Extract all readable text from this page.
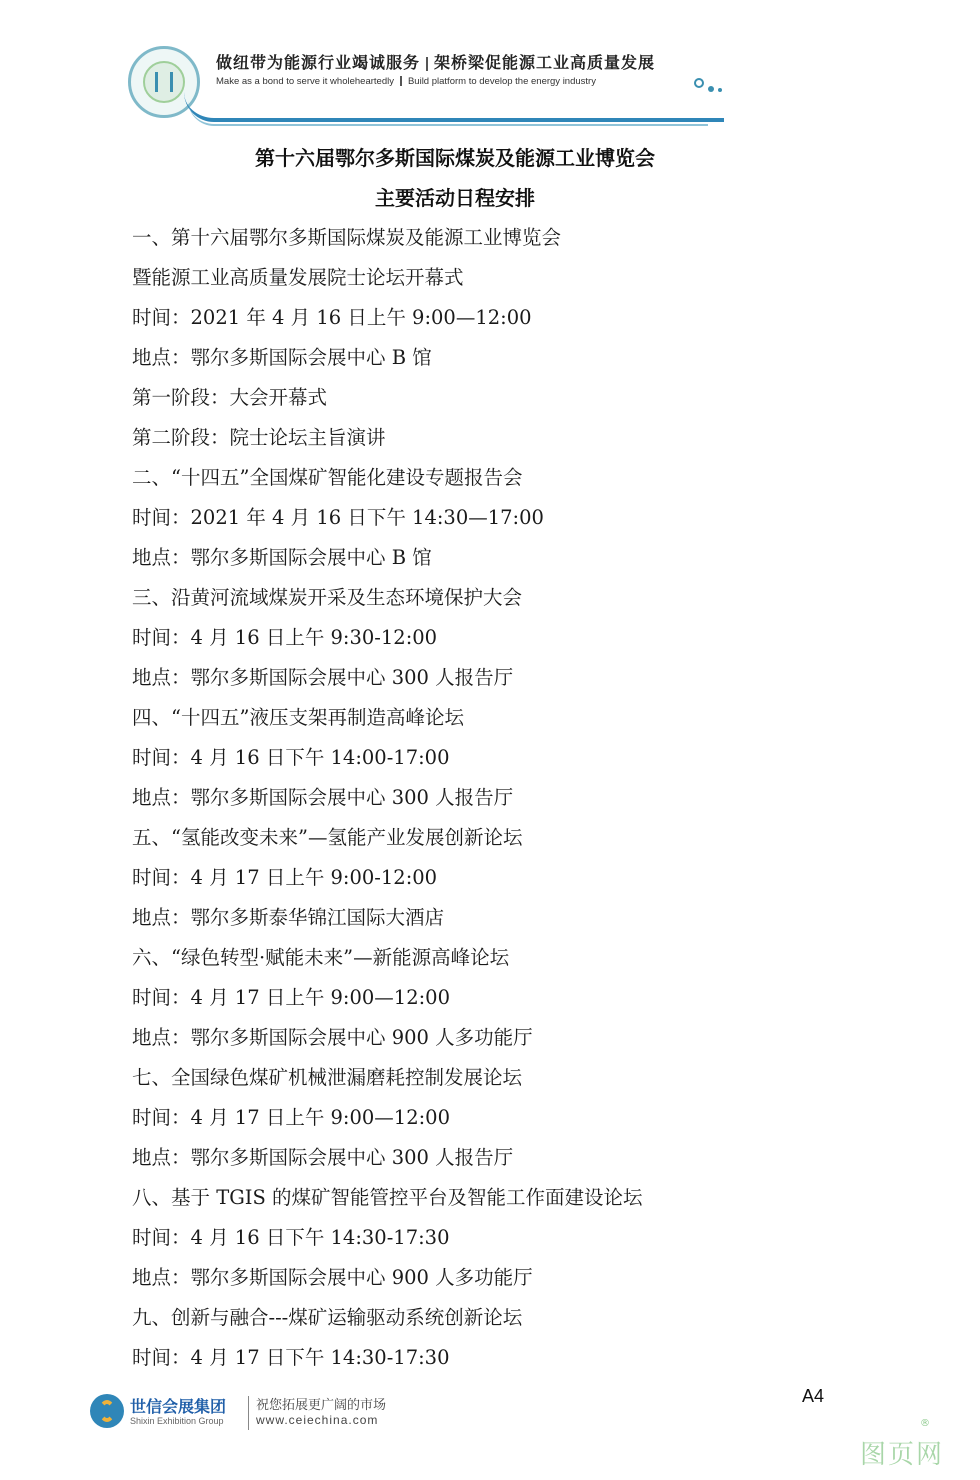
做纽带为能源行业竭诚服务 架桥梁促能源工业高质量发展
Make as a bond to serve it wholeheartedly Build platform to develop the energy industry
第十六届鄂尔多斯国际煤炭及能源工业博览会
主要活动日程安排
一、第十六届鄂尔多斯国际煤炭及能源工业博览会
暨能源工业高质量发展院士论坛开幕式
时间：2021 年 4 月 16 日上午 9:00—12:00
地点：鄂尔多斯国际会展中心 B 馆
第一阶段：大会开幕式
第二阶段：院士论坛主旨演讲
二、“十四五”全国煤矿智能化建设专题报告会
时间：2021 年 4 月 16 日下午 14:30—17:00
地点：鄂尔多斯国际会展中心 B 馆
三、沿黄河流域煤炭开采及生态环境保护大会
时间：4 月 16 日上午 9:30-12:00
地点：鄂尔多斯国际会展中心 300 人报告厅
四、“十四五”液压支架再制造高峰论坛
时间：4 月 16 日下午 14:00-17:00
地点：鄂尔多斯国际会展中心 300 人报告厅
五、“氢能改变未来”—氢能产业发展创新论坛
时间：4 月 17 日上午 9:00-12:00
地点：鄂尔多斯泰华锦江国际大酒店
六、“绿色转型·赋能未来”—新能源高峰论坛
时间：4 月 17 日上午 9:00—12:00
地点：鄂尔多斯国际会展中心 900 人多功能厅
七、全国绿色煤矿机械泄漏磨耗控制发展论坛
时间：4 月 17 日上午 9:00—12:00
地点：鄂尔多斯国际会展中心 300 人报告厅
八、基于 TGIS 的煤矿智能管控平台及智能工作面建设论坛
时间：4 月 16 日下午 14:30-17:30
地点：鄂尔多斯国际会展中心 900 人多功能厅
九、创新与融合---煤矿运输驱动系统创新论坛
时间：4 月 17 日下午 14:30-17:30
世信会展集团
Shixin Exhibition Group
祝您拓展更广阔的市场
www.ceiechina.com
A4
®
图页网
